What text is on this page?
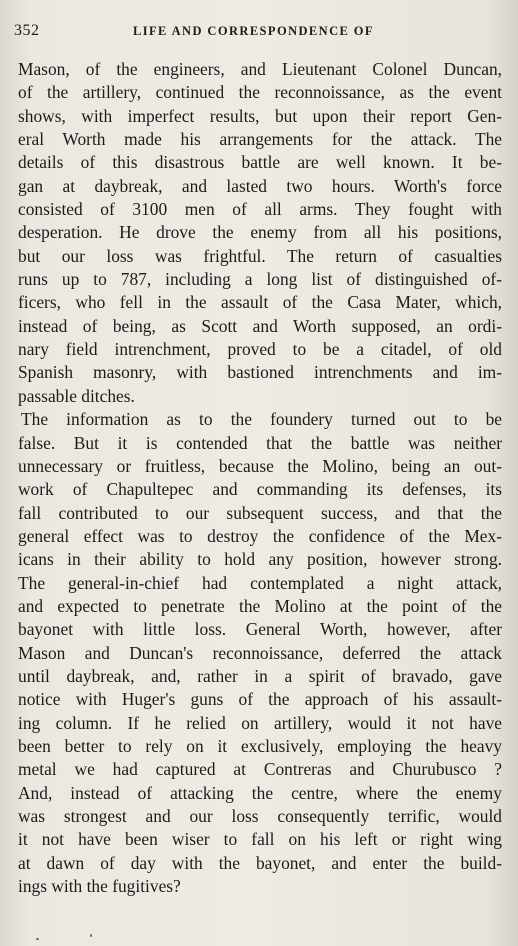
352	LIFE AND CORRESPONDENCE OF
Mason, of the engineers, and Lieutenant Colonel Duncan,
of the artillery, continued the reconnoissance, as the event
shows, with imperfect results, but upon their report Gen-
eral Worth made his arrangements for the attack. The
details of this disastrous battle are well known. It be-
gan at daybreak, and lasted two hours. Worth's force
consisted of 3100 men of all arms. They fought with
desperation. He drove the enemy from all his positions,
but our loss was frightful. The return of casualties
runs up to 787, including a long list of distinguished of-
ficers, who fell in the assault of the Casa Mater, which,
instead of being, as Scott and Worth supposed, an ordi-
nary field intrenchment, proved to be a citadel, of old
Spanish masonry, with bastioned intrenchments and im-
passable ditches.
The information as to the foundery turned out to be
false. But it is contended that the battle was neither
unnecessary or fruitless, because the Molino, being an out-
work of Chapultepec and commanding its defenses, its
fall contributed to our subsequent success, and that the
general effect was to destroy the confidence of the Mex-
icans in their ability to hold any position, however strong.
The general-in-chief had contemplated a night attack,
and expected to penetrate the Molino at the point of the
bayonet with little loss. General Worth, however, after
Mason and Duncan's reconnoissance, deferred the attack
until daybreak, and, rather in a spirit of bravado, gave
notice with Huger's guns of the approach of his assault-
ing column. If he relied on artillery, would it not have
been better to rely on it exclusively, employing the heavy
metal we had captured at Contreras and Churubusco ?
And, instead of attacking the centre, where the enemy
was strongest and our loss consequently terrific, would
it not have been wiser to fall on his left or right wing
at dawn of day with the bayonet, and enter the build-
ings with the fugitives?
